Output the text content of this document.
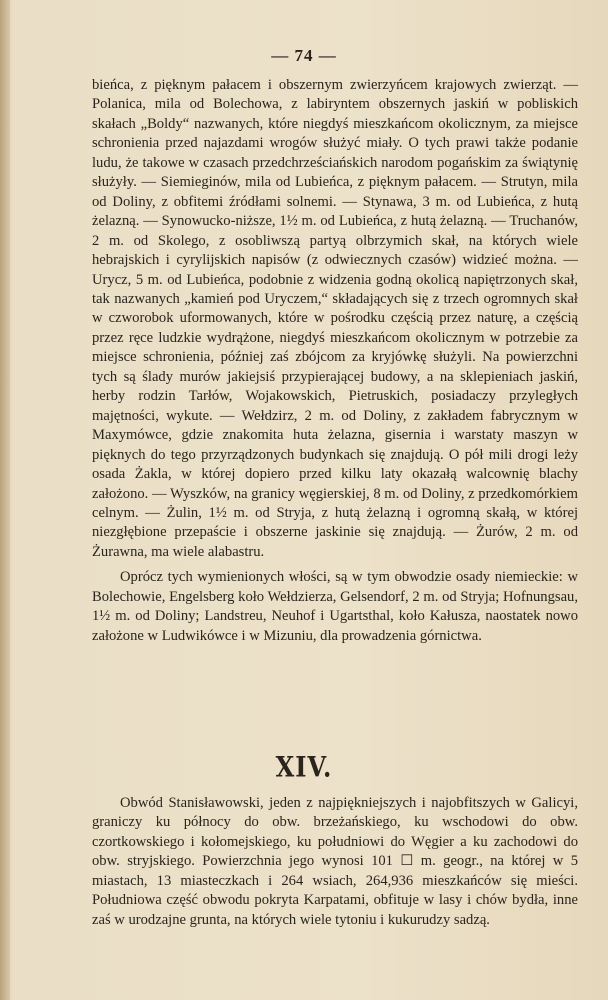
— 74 —

bieńca, z pięknym pałacem i obszernym zwierzyńcem krajowych zwierząt. — Polanica, mila od Bolechowa, z labiryntem obszernych jaskiń w pobliskich skałach „Boldy“ nazwanych, które niegdyś mieszkańcom okolicznym, za miejsce schronienia przed najazdami wrogów służyć miały. O tych prawi także podanie ludu, że takowe w czasach przedchrześciańskich narodom pogańskim za świątynię służyły. — Siemieginów, mila od Lubieńca, z pięknym pałacem. — Strutyn, mila od Doliny, z obfitemi źródłami solnemi. — Stynawa, 3 m. od Lubieńca, z hutą żelazną. — Synowucko-niższe, 1½ m. od Lubieńca, z hutą żelazną. — Truchanów, 2 m. od Skolego, z osobliwszą partyą olbrzymich skał, na których wiele hebrajskich i cyrylijskich napisów (z odwiecznych czasów) widzieć można. — Urycz, 5 m. od Lubieńca, podobnie z widzenia godną okolicą napiętrzonych skał, tak nazwanych „kamień pod Uryczem,“ składających się z trzech ogromnych skał w czworobok uformowanych, które w pośrodku częścią przez naturę, a częścią przez ręce ludzkie wydrążone, niegdyś mieszkańcom okolicznym w potrzebie za miejsce schronienia, później zaś zbójcom za kryjówkę służyli. Na powierzchni tych są ślady murów jakiejsiś przypierającej budowy, a na sklepieniach jaskiń, herby rodzin Tarłów, Wojakowskich, Pietruskich, posiadaczy przyległych majętności, wykute. — Wełdzirz, 2 m. od Doliny, z zakładem fabrycznym w Maxymówce, gdzie znakomita huta żelazna, giserniа i warstaty maszyn w pięknych do tego przyrządzonych budynkach się znajdują. O pół mili drogi leży osada Żakla, w której dopiero przed kilku laty okazałą walcownię blachy założono. — Wyszków, na granicy węgierskiej, 8 m. od Doliny, z przedkomórkiem celnym. — Żulin, 1½ m. od Stryja, z hutą żelazną i ogromną skałą, w której niezgłębione przepaście i obszerne jaskinie się znajdują. — Żurów, 2 m. od Żurawna, ma wiele alabastru.

Oprócz tych wymienionych włości, są w tym obwodzie osady niemieckie: w Bolechowie, Engelsberg koło Wełdzierza, Gelsendorf, 2 m. od Stryja; Hofnungsau, 1½ m. od Doliny; Landstreu, Neuhof i Ugartsthal, koło Kałusza, naostatek nowo założone w Ludwikówce i w Mizuniu, dla prowadzenia górnictwa.

XIV.

Obwód Stanisławowski, jeden z najpiękniejszych i najobfitszych w Galicyi, graniczy ku północy do obw. brzeżańskiego, ku wschodowi do obw. czortkowskiego i kołomejskiego, ku południowi do Węgier a ku zachodowi do obw. stryjskiego. Powierzchnia jego wynosi 101 ☐ m. geogr., na której w 5 miastach, 13 miasteczkach i 264 wsiach, 264,936 mieszkańców się mieści. Południowa część obwodu pokryta Karpatami, obfituje w lasy i chów bydła, inne zaś w urodzajne grunta, na których wiele tytoniu i kukurudzy sadzą.
